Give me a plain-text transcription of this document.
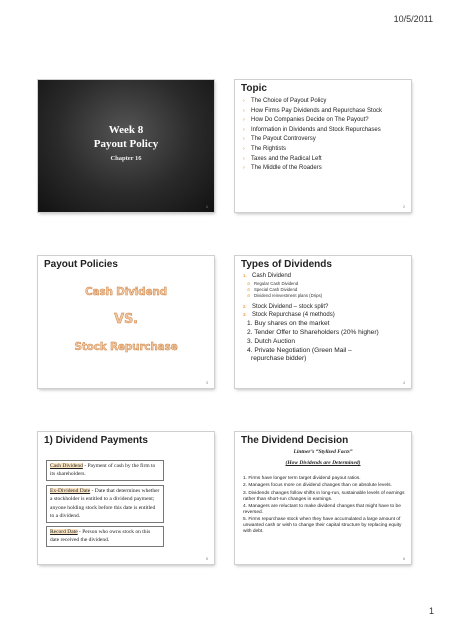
10/5/2011
Week 8
Payout Policy
Chapter 16
1
Topic
› The Choice of Payout Policy
› How Firms Pay Dividends and Repurchase Stock
› How Do Companies Decide on The Payout?
› Information in Dividends and Stock Repurchases
› The Payout Controversy
› The Rightists
› Taxes and the Radical Left
› The Middle of the Roaders
2
Payout Policies
Cash Dividend
VS.
Stock Repurchase
3
Types of Dividends
1. Cash Dividend
⊙ Regular Cash Dividend
⊙ Special Cash Dividend
⊙ Dividend reinvestment plans (Drips)
2. Stock Dividend – stock split?
3. Stock Repurchase (4 methods)
1. Buy shares on the market
2. Tender Offer to Shareholders (20% higher)
3. Dutch Auction
4. Private Negotiation (Green Mail –
repurchase bidder)
4
1) Dividend Payments
Cash Dividend - Payment of cash by the firm to its shareholders.
Ex-Dividend Date - Date that determines whether a stockholder is entitled to a dividend payment; anyone holding stock before this date is entitled to a dividend.
Record Date - Person who owns stock on this date received the dividend.
5
The Dividend Decision
Lintner’s “Stylized Facts”
(How Dividends are Determined)
1. Firms have longer term target dividend payout ratios.
2. Managers focus more on dividend changes than on absolute levels.
3. Dividends changes follow shifts in long-run, sustainable levels of earnings rather than short-run changes in earnings.
4. Managers are reluctant to make dividend changes that might have to be reversed.
5. Firms repurchase stock when they have accumulated a large amount of unwanted cash or wish to change their capital structure by replacing equity with debt.
6
1
